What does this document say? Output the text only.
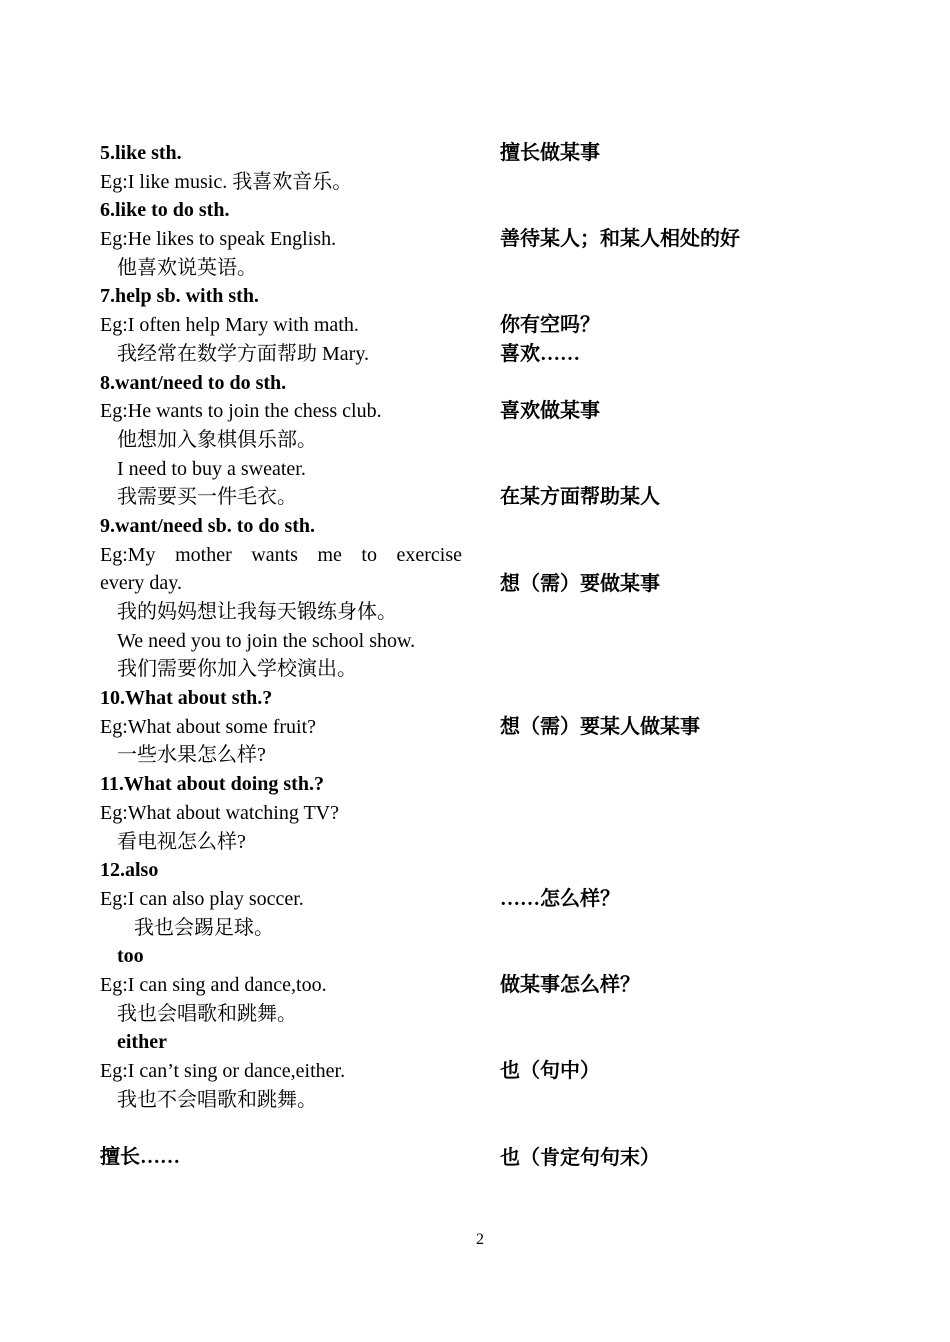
5.like sth.
Eg:I like music. 我喜欢音乐。
6.like to do sth.
Eg:He likes to speak English.
他喜欢说英语。
7.help sb. with sth.
Eg:I often help Mary with math.
我经常在数学方面帮助 Mary.
8.want/need to do sth.
Eg:He wants to join the chess club.
他想加入象棋俱乐部。
I need to buy a sweater.
我需要买一件毛衣。
9.want/need sb. to do sth.
Eg:My mother wants me to exercise
every day.
我的妈妈想让我每天锻练身体。
We need you to join the school show.
我们需要你加入学校演出。
10.What about sth.?
Eg:What about some fruit?
一些水果怎么样?
11.What about doing sth.?
Eg:What about watching TV?
看电视怎么样?
12.also
Eg:I can also play soccer.
我也会踢足球。
too
Eg:I can sing and dance,too.
我也会唱歌和跳舞。
either
Eg:I can’t sing or dance,either.
我也不会唱歌和跳舞。
擅长……
擅长做某事
善待某人；和某人相处的好
你有空吗？
喜欢……
喜欢做某事
在某方面帮助某人
想（需）要做某事
想（需）要某人做某事
……怎么样？
做某事怎么样？
也（句中）
也（肯定句句末）
2
